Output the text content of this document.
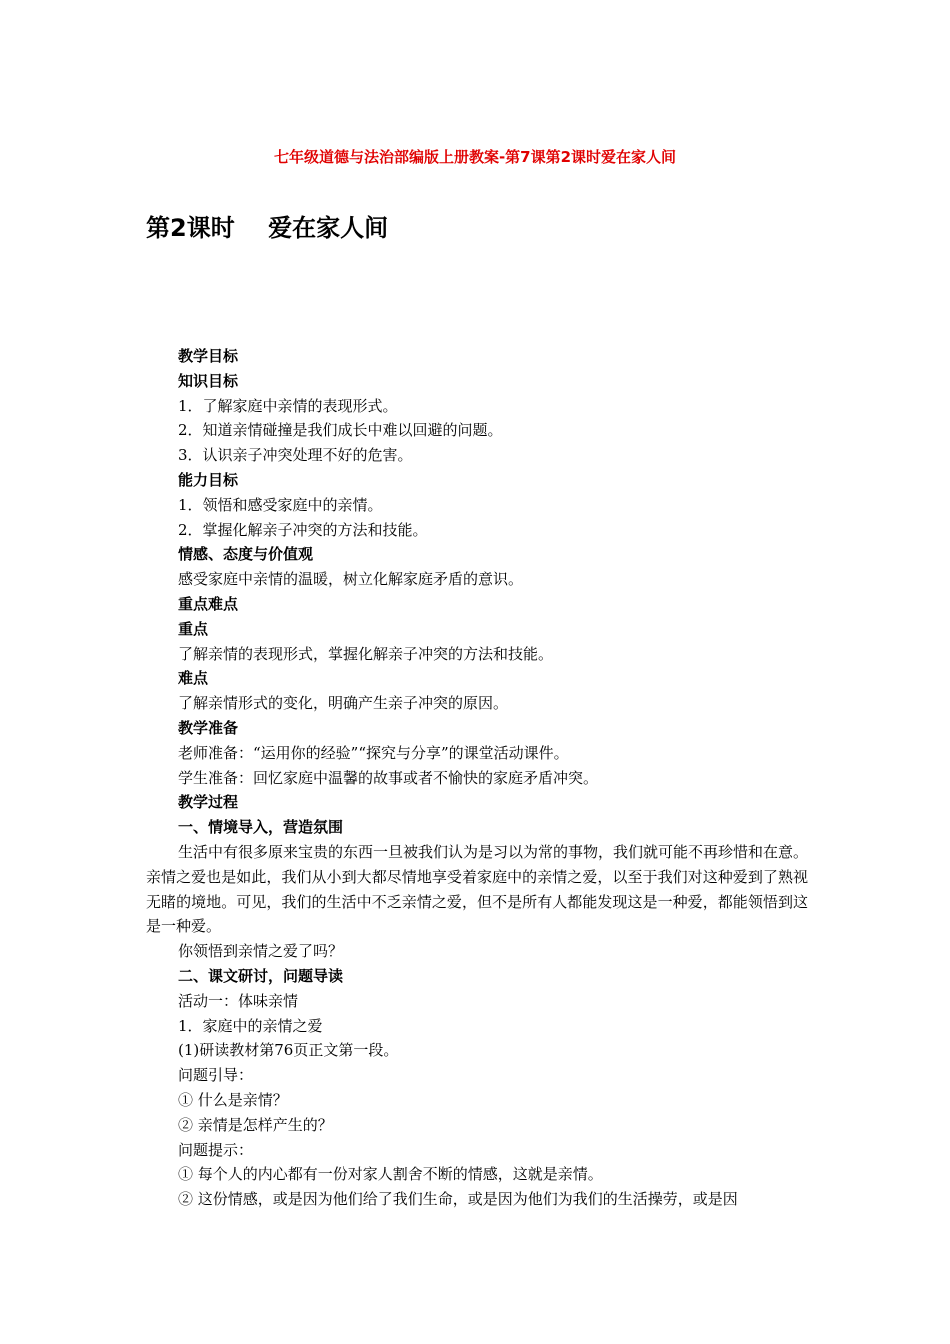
七年级道德与法治部编版上册教案-第7课第2课时爱在家人间
第2课时    爱在家人间
教学目标
知识目标
1．了解家庭中亲情的表现形式。
2．知道亲情碰撞是我们成长中难以回避的问题。
3．认识亲子冲突处理不好的危害。
能力目标
1．领悟和感受家庭中的亲情。
2．掌握化解亲子冲突的方法和技能。
情感、态度与价值观
感受家庭中亲情的温暖，树立化解家庭矛盾的意识。
重点难点
重点
了解亲情的表现形式，掌握化解亲子冲突的方法和技能。
难点
了解亲情形式的变化，明确产生亲子冲突的原因。
教学准备
老师准备：“运用你的经验”“探究与分享”的课堂活动课件。
学生准备：回忆家庭中温馨的故事或者不愉快的家庭矛盾冲突。
教学过程
一、情境导入，营造氛围
生活中有很多原来宝贵的东西一旦被我们认为是习以为常的事物，我们就可能不再珍惜和在意。亲情之爱也是如此，我们从小到大都尽情地享受着家庭中的亲情之爱，以至于我们对这种爱到了熟视无睹的境地。可见，我们的生活中不乏亲情之爱，但不是所有人都能发现这是一种爱，都能领悟到这是一种爱。
你领悟到亲情之爱了吗？
二、课文研讨，问题导读
活动一：体味亲情
1．家庭中的亲情之爱
(1)研读教材第76页正文第一段。
问题引导：
① 什么是亲情？
② 亲情是怎样产生的？
问题提示：
① 每个人的内心都有一份对家人割舍不断的情感，这就是亲情。
② 这份情感，或是因为他们给了我们生命，或是因为他们为我们的生活操劳，或是因
